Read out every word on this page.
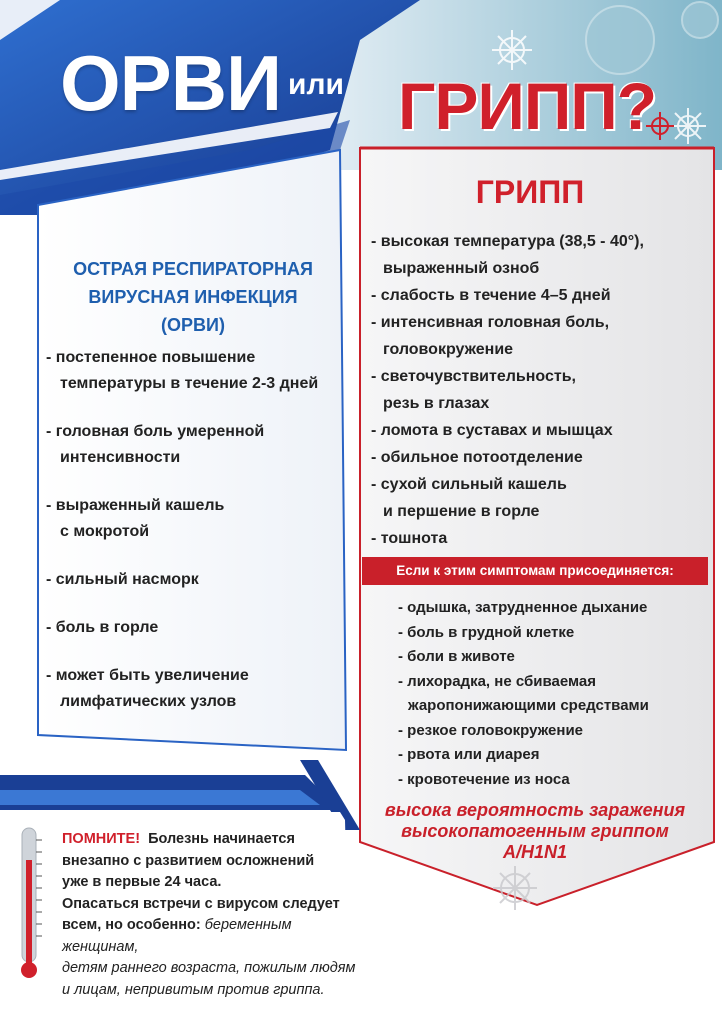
ОРВИ или ГРИПП?
ОСТРАЯ РЕСПИРАТОРНАЯ
ВИРУСНАЯ ИНФЕКЦИЯ
(ОРВИ)
- постепенное повышение
температуры в течение 2-3 дней
- головная боль умеренной
интенсивности
- выраженный кашель
с мокротой
- сильный насморк
- боль в горле
- может быть увеличение
лимфатических узлов
ГРИПП
- высокая температура (38,5 - 40°),
выраженный озноб
- слабость в течение 4–5 дней
- интенсивная головная боль,
головокружение
- светочувствительность,
резь в глазах
- ломота в суставах и мышцах
- обильное потоотделение
- сухой сильный кашель
и першение в горле
- тошнота
Если к этим симптомам присоединяется:
- одышка, затрудненное дыхание
- боль в грудной клетке
- боли в животе
- лихорадка, не сбиваемая
жаропонижающими средствами
- резкое головокружение
- рвота или диарея
- кровотечение из носа
высока вероятность заражения
высокопатогенным гриппом
A/H1N1
ПОМНИТЕ! Болезнь начинается
внезапно с развитием осложнений
уже в первые 24 часа.
Опасаться встречи с вирусом следует
всем, но особенно: беременным женщинам,
детям раннего возраста, пожилым людям
и лицам, непривитым против гриппа.
